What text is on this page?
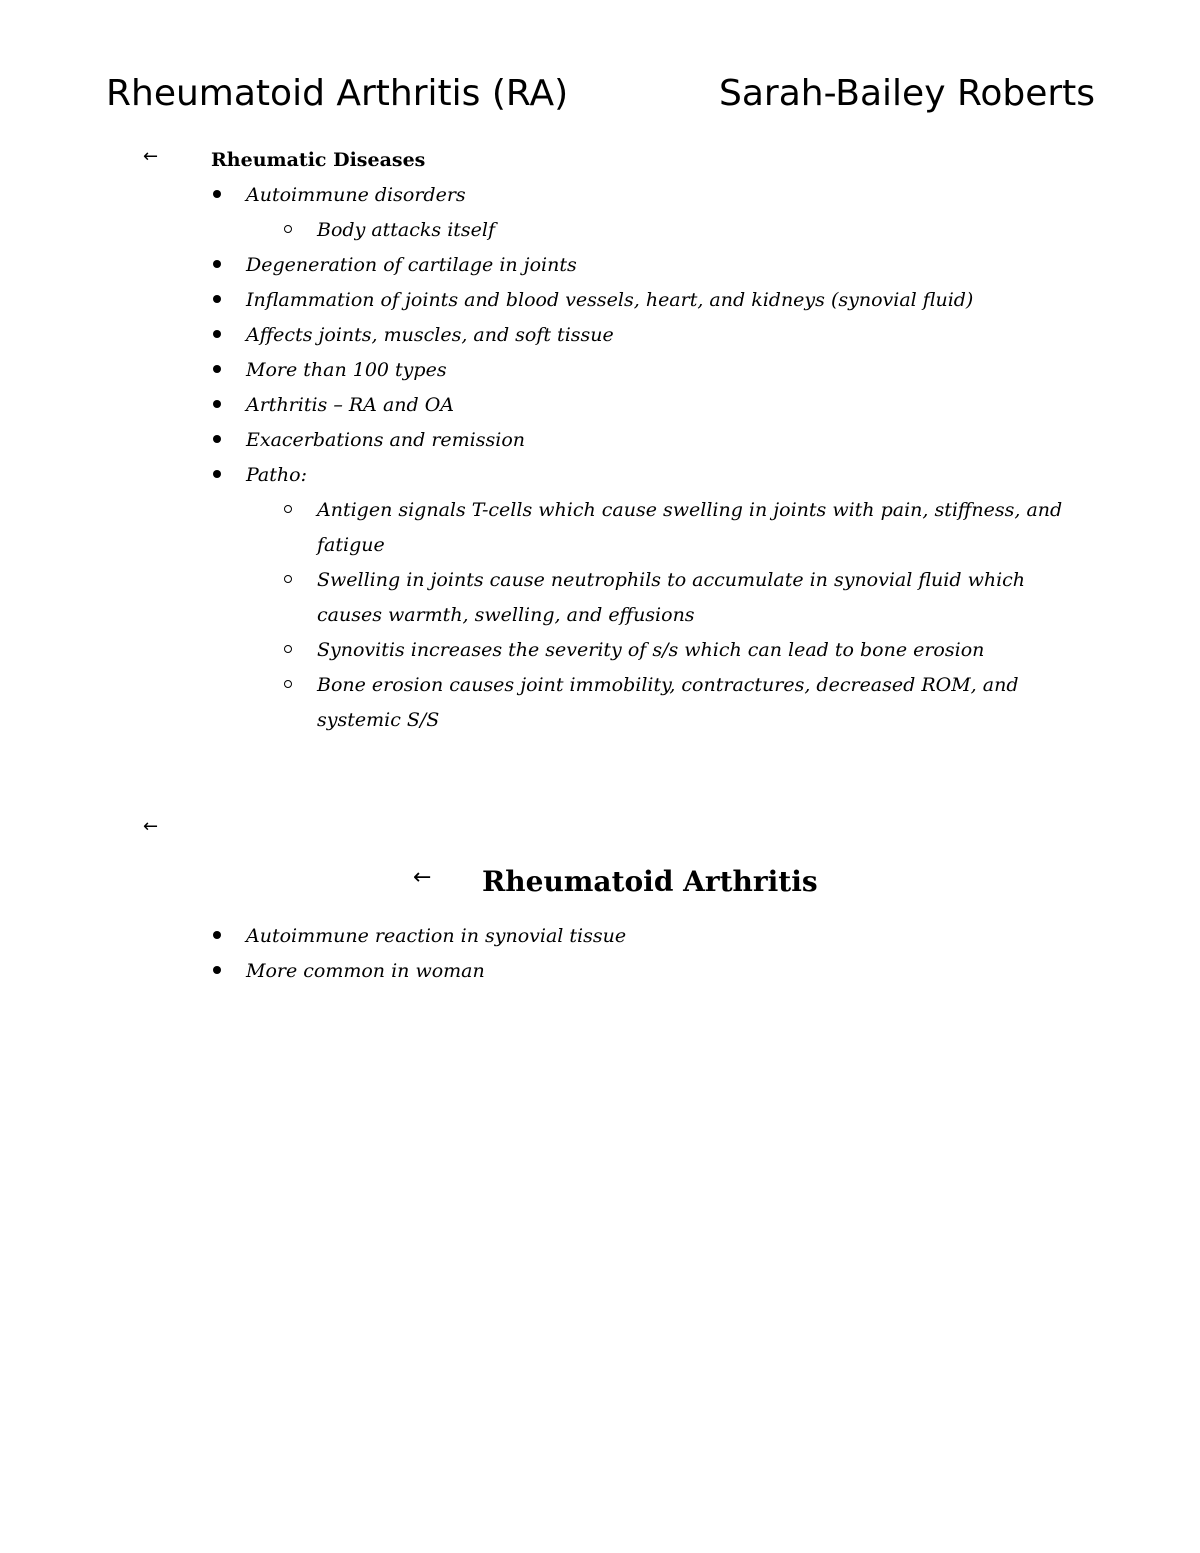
Rheumatoid Arthritis (RA)	Sarah-Bailey Roberts
←	Rheumatic Diseases
Autoimmune disorders
Body attacks itself
Degeneration of cartilage in joints
Inflammation of joints and blood vessels, heart, and kidneys (synovial fluid)
Affects joints, muscles, and soft tissue
More than 100 types
Arthritis – RA and OA
Exacerbations and remission
Patho:
Antigen signals T-cells which cause swelling in joints with pain, stiffness, and fatigue
Swelling in joints cause neutrophils to accumulate in synovial fluid which causes warmth, swelling, and effusions
Synovitis increases the severity of s/s which can lead to bone erosion
Bone erosion causes joint immobility, contractures, decreased ROM, and systemic S/S
←
← Rheumatoid Arthritis
Autoimmune reaction in synovial tissue
More common in woman
